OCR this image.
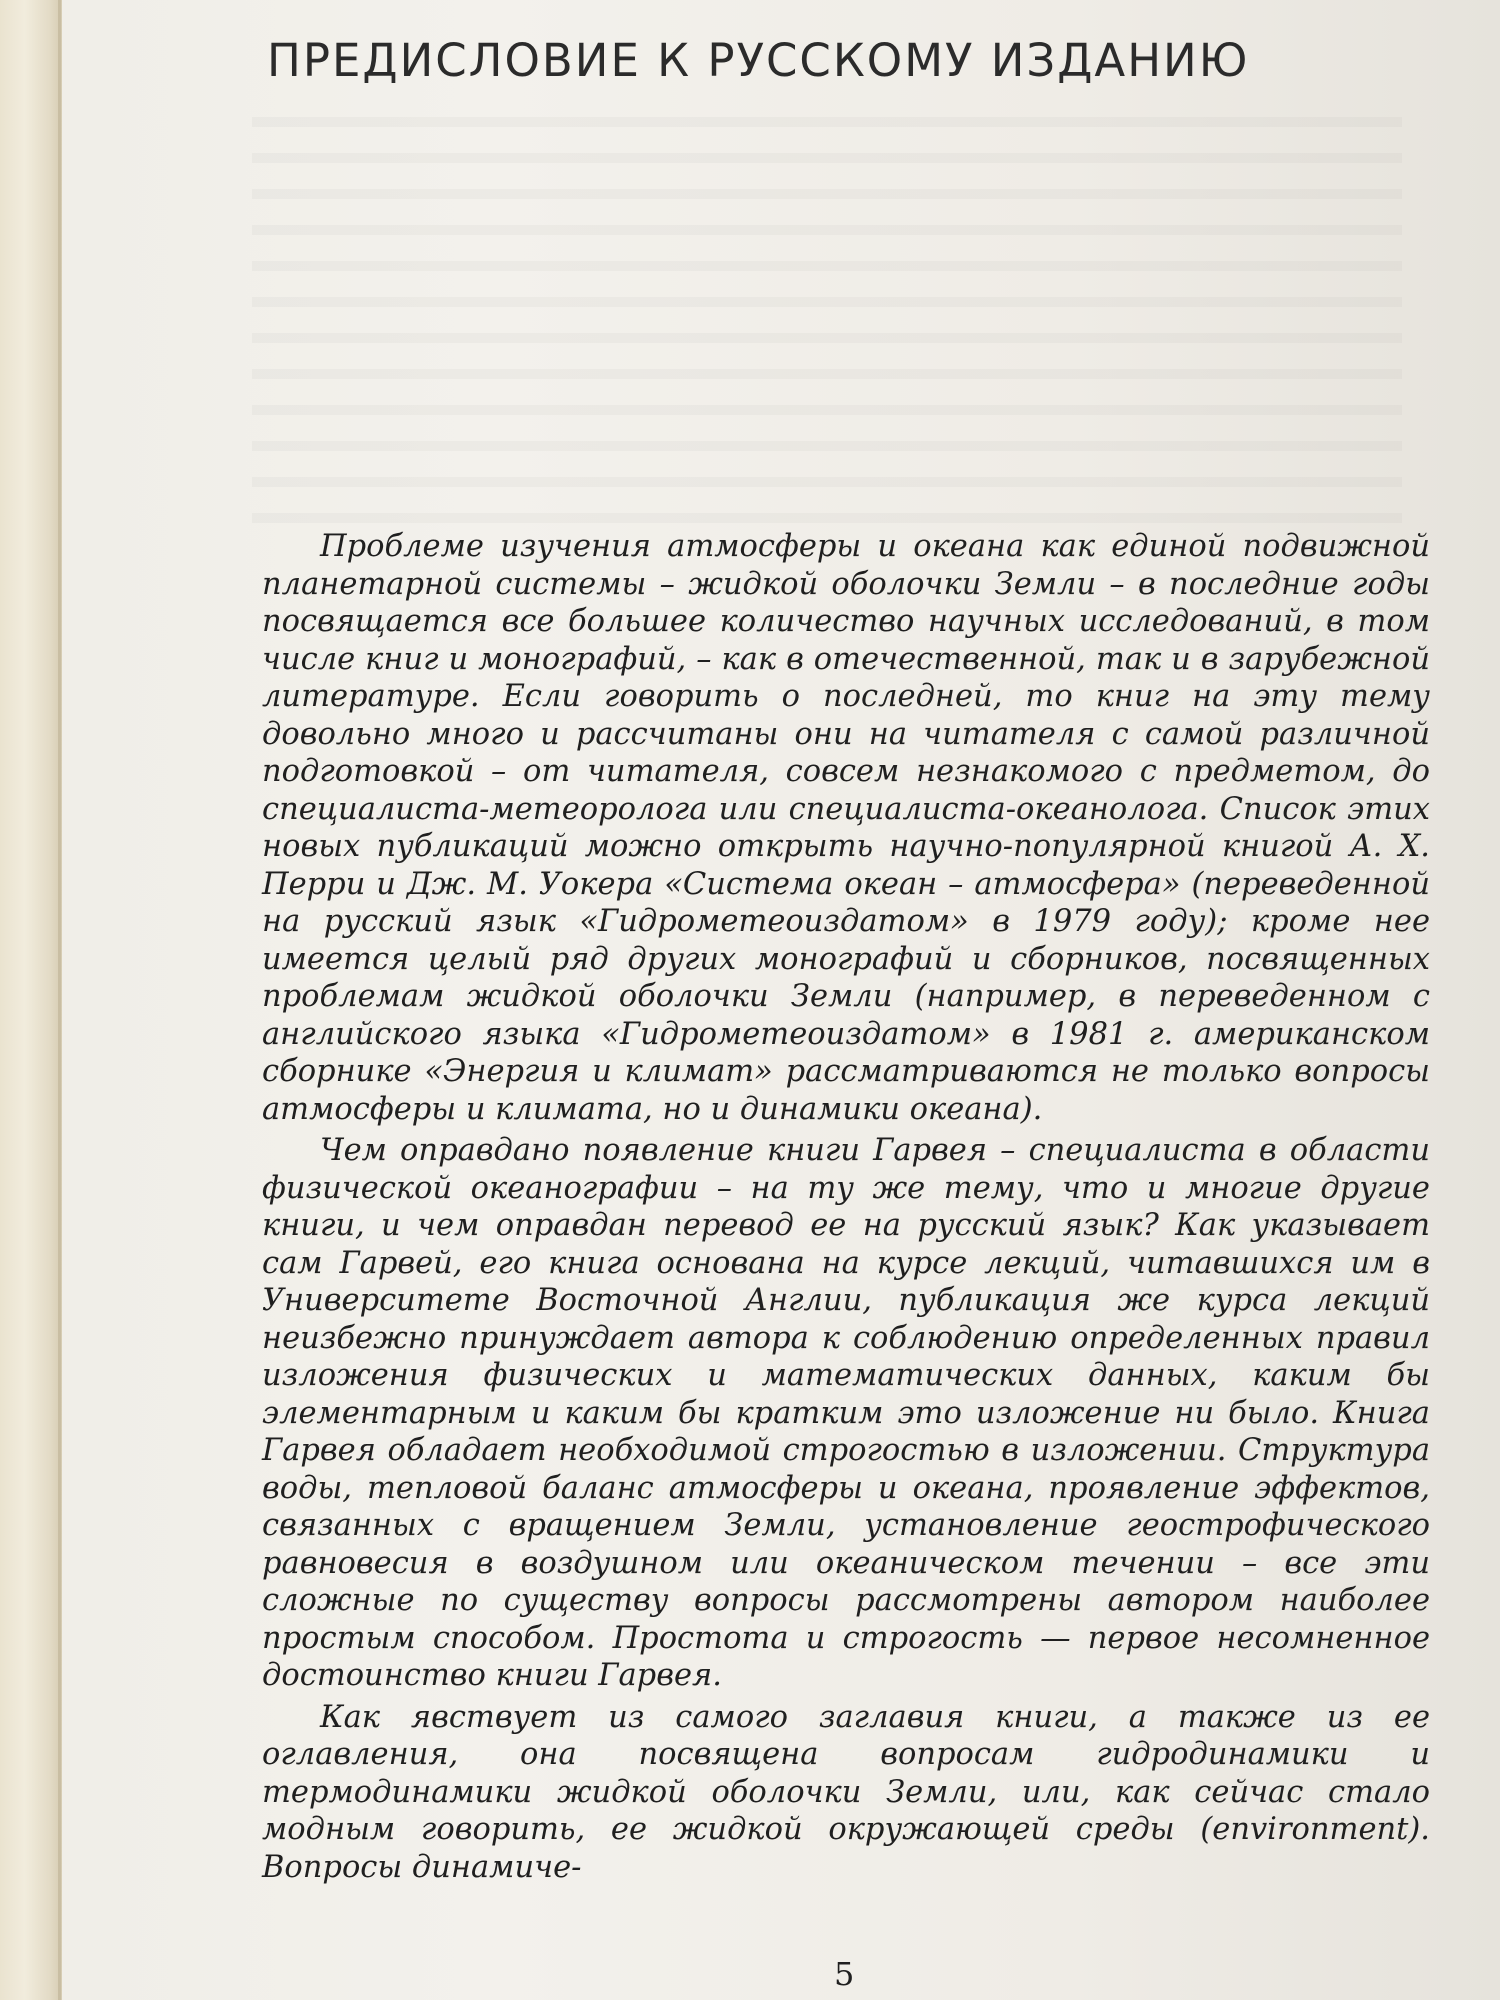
ПРЕДИСЛОВИЕ К РУССКОМУ ИЗДАНИЮ

Проблеме изучения атмосферы и океана как единой подвижной планетарной системы – жидкой оболочки Земли – в последние годы посвящается все большее количество научных исследований, в том числе книг и монографий, – как в отечественной, так и в зарубежной литературе. Если говорить о последней, то книг на эту тему довольно много и рассчитаны они на читателя с самой различной подготовкой – от читателя, совсем незнакомого с предметом, до специалиста-метеоролога или специалиста-океанолога. Список этих новых публикаций можно открыть научно-популярной книгой А. Х. Перри и Дж. М. Уокера «Система океан – атмосфера» (переведенной на русский язык «Гидрометеоиздатом» в 1979 году); кроме нее имеется целый ряд других монографий и сборников, посвященных проблемам жидкой оболочки Земли (например, в переведенном с английского языка «Гидрометеоиздатом» в 1981 г. американском сборнике «Энергия и климат» рассматриваются не только вопросы атмосферы и климата, но и динамики океана).

Чем оправдано появление книги Гарвея – специалиста в области физической океанографии – на ту же тему, что и многие другие книги, и чем оправдан перевод ее на русский язык? Как указывает сам Гарвей, его книга основана на курсе лекций, читавшихся им в Университете Восточной Англии, публикация же курса лекций неизбежно принуждает автора к соблюдению определенных правил изложения физических и математических данных, каким бы элементарным и каким бы кратким это изложение ни было. Книга Гарвея обладает необходимой строгостью в изложении. Структура воды, тепловой баланс атмосферы и океана, проявление эффектов, связанных с вращением Земли, установление геострофического равновесия в воздушном или океаническом течении – все эти сложные по существу вопросы рассмотрены автором наиболее простым способом. Простота и строгость — первое несомненное достоинство книги Гарвея.

Как явствует из самого заглавия книги, а также из ее оглавления, она посвящена вопросам гидродинамики и термодинамики жидкой оболочки Земли, или, как сейчас стало модным говорить, ее жидкой окружающей среды (environment). Вопросы динамиче-

5
